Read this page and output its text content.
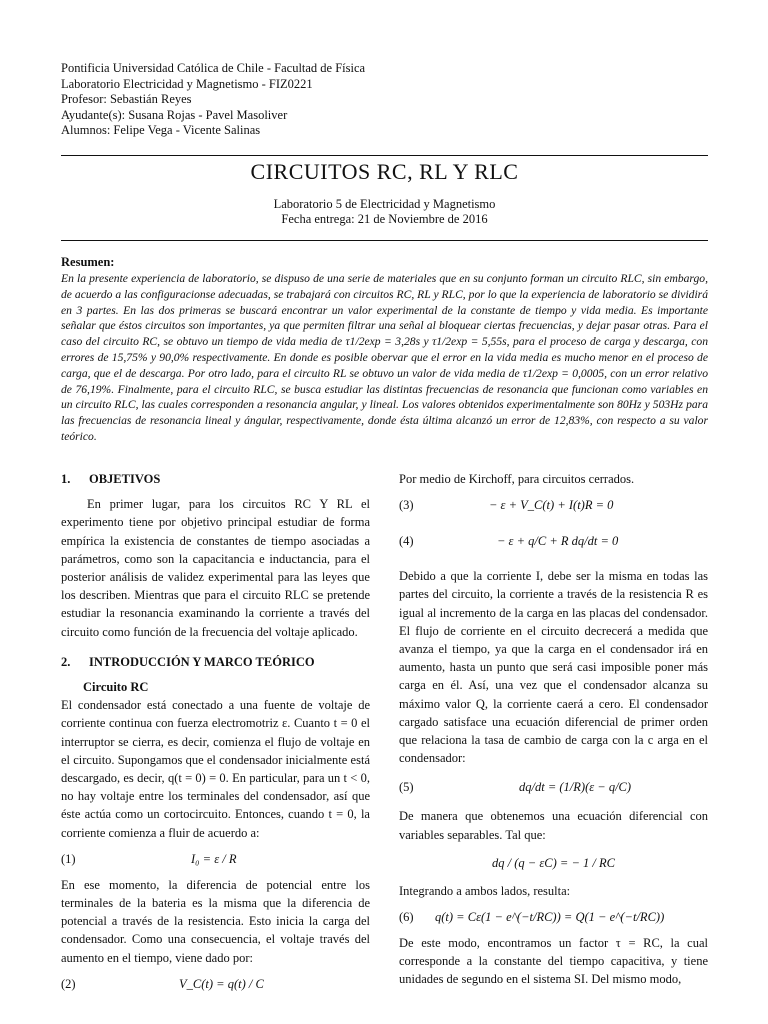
Pontificia Universidad Católica de Chile - Facultad de Física
Laboratorio Electricidad y Magnetismo - FIZ0221
Profesor: Sebastián Reyes
Ayudante(s): Susana Rojas - Pavel Masoliver
Alumnos: Felipe Vega - Vicente Salinas
CIRCUITOS RC, RL Y RLC
Laboratorio 5 de Electricidad y Magnetismo
Fecha entrega: 21 de Noviembre de 2016
Resumen:
En la presente experiencia de laboratorio, se dispuso de una serie de materiales que en su conjunto forman un circuito RLC, sin embargo, de acuerdo a las configuracionse adecuadas, se trabajará con circuitos RC, RL y RLC, por lo que la experiencia de laboratorio se dividirá en 3 partes. En las dos primeras se buscará encontrar un valor experimental de la constante de tiempo y vida media. Es importante señalar que éstos circuitos son importantes, ya que permiten filtrar una señal al bloquear ciertas frecuencias, y dejar pasar otras. Para el caso del circuito RC, se obtuvo un tiempo de vida media de τ1/2exp = 3,28s y τ1/2exp = 5,55s, para el proceso de carga y descarga, con errores de 15,75% y 90,0% respectivamente. En donde es posible obervar que el error en la vida media es mucho menor en el proceso de carga, que el de descarga. Por otro lado, para el circuito RL se obtuvo un valor de vida media de τ1/2exp = 0,0005, con un error relativo de 76,19%. Finalmente, para el circuito RLC, se busca estudiar las distintas frecuencias de resonancia que funcionan como variables en un circuito RLC, las cuales corresponden a resonancia angular, y lineal. Los valores obtenidos experimentalmente son 80Hz y 503Hz para las frecuencias de resonancia lineal y ángular, respectivamente, donde ésta última alcanzó un error de 12,83%, con respecto a su valor teórico.
1. OBJETIVOS

En primer lugar, para los circuitos RC Y RL el experimento tiene por objetivo principal estudiar de forma empírica la existencia de constantes de tiempo asociadas a parámetros, como son la capacitancia e inductancia, para el posterior análisis de validez experimental para las leyes que los describen. Mientras que para el circuito RLC se pretende estudiar la resonancia examinando la corriente a través del circuito como función de la frecuencia del voltaje aplicado.

2. INTRODUCCIÓN Y MARCO TEÓRICO
Circuito RC

El condensador está conectado a una fuente de voltaje de corriente continua con fuerza electromotriz ε. Cuanto t = 0 el interruptor se cierra, es decir, comienza el flujo de voltaje en el circuito. Supongamos que el condensador inicialmente está descargado, es decir, q(t = 0) = 0. En particular, para un t < 0, no hay voltaje entre los terminales del condensador, así que éste actúa como un cortocircuito. Entonces, cuando t = 0, la corriente comienza a fluir de acuerdo a:

(1)	I₀ = ε / R

En ese momento, la diferencia de potencial entre los terminales de la bateria es la misma que la diferencia de potencial a través de la resistencia. Esto inicia la carga del condensador. Como una consecuencia, el voltaje través del aumento en el tiempo, viene dado por:

(2)	V_C(t) = q(t) / C

Por medio de Kirchoff, para circuitos cerrados.

(3)	− ε + V_C(t) + I(t)R = 0
(4)	− ε + q/C + R dq/dt = 0

Debido a que la corriente I, debe ser la misma en todas las partes del circuito, la corriente a través de la resistencia R es igual al incremento de la carga en las placas del condensador. El flujo de corriente en el circuito decrecerá a medida que avanza el tiempo, ya que la carga en el condensador irá en aumento, hasta un punto que será casi imposible poner más carga en él. Así, una vez que el condensador alcanza su máximo valor Q, la corriente caerá a cero. El condensador cargado satisface una ecuación diferencial de primer orden que relaciona la tasa de cambio de carga con la c arga en el condensador:

(5)	dq/dt = (1/R)(ε − q/C)

De manera que obtenemos una ecuación diferencial con variables separables. Tal que:

dq / (q − εC) = − 1 / RC

Integrando a ambos lados, resulta:

(6)	q(t) = Cε(1 − e^(−t/RC)) = Q(1 − e^(−t/RC))

De este modo, encontramos un factor τ = RC, la cual corresponde a la constante del tiempo capacitiva, y tiene unidades de segundo en el sistema SI. Del mismo modo,
